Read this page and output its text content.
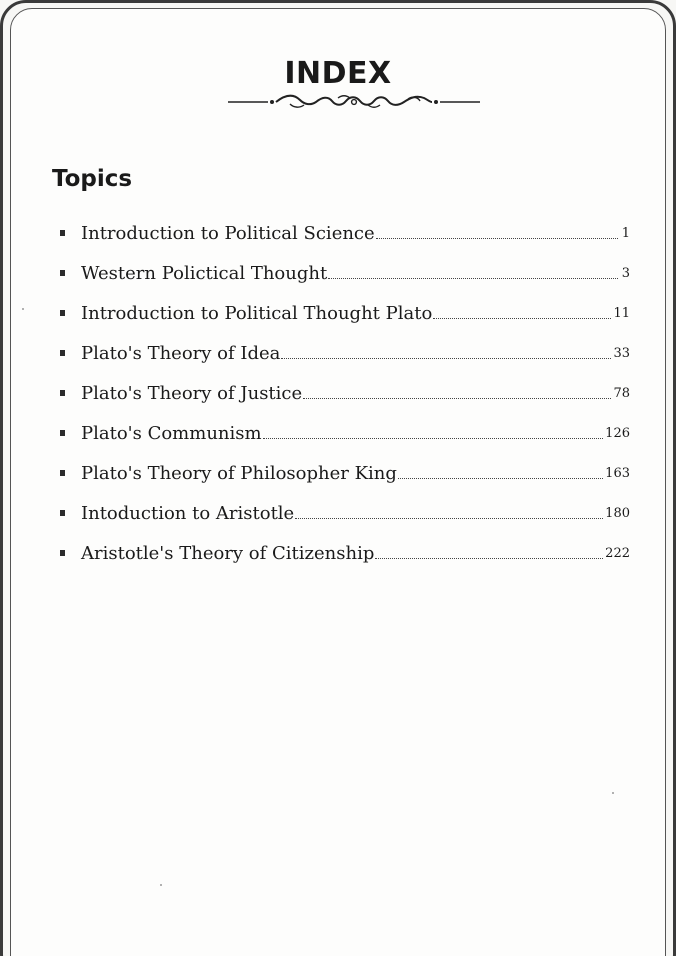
INDEX
Topics
Introduction to Political Science	1
Western Polictical Thought	3
Introduction to Political Thought Plato	11
Plato's Theory of Idea	33
Plato's Theory of Justice	78
Plato's Communism	126
Plato's Theory of Philosopher King	163
Intoduction to Aristotle	180
Aristotle's Theory of Citizenship	222
